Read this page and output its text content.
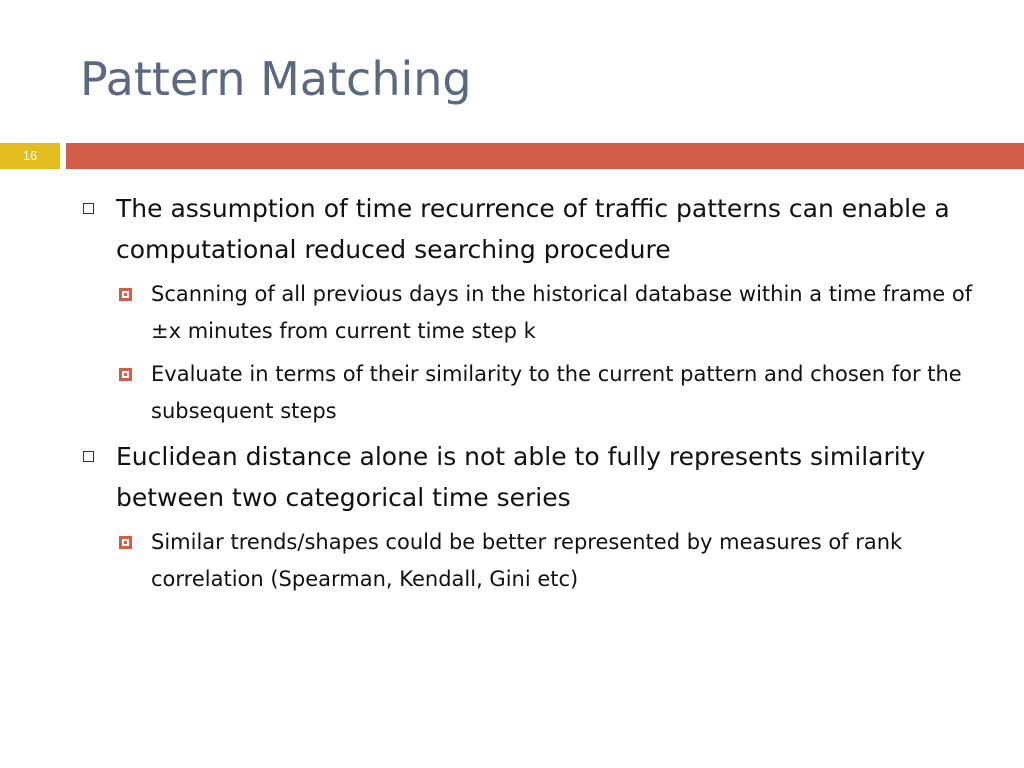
Pattern Matching
16
The assumption of time recurrence of traffic patterns can enable a computational reduced searching procedure
Scanning of all previous days in the historical database within a time frame of ±x minutes from current time step k
Evaluate in terms of their similarity to the current pattern and chosen for the subsequent steps
Euclidean distance alone is not able to fully represents similarity between two categorical time series
Similar trends/shapes could be better represented by measures of rank correlation (Spearman, Kendall, Gini etc)
